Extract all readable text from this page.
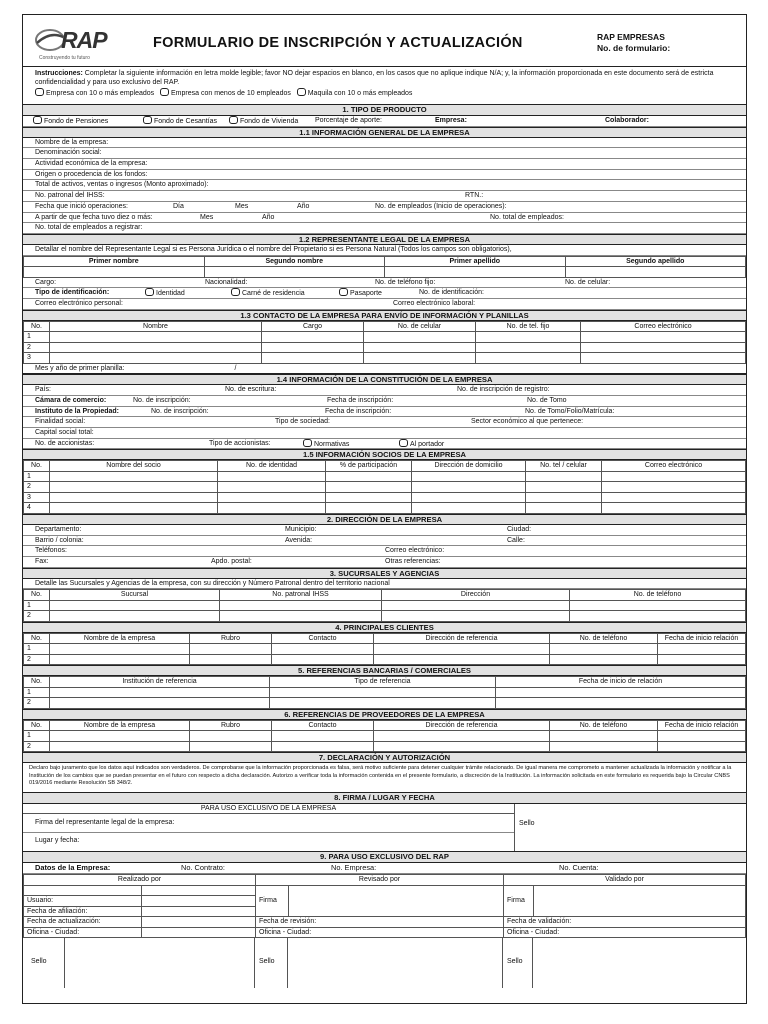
RAP
Construyendo tu futuro
FORMULARIO DE INSCRIPCIÓN Y ACTUALIZACIÓN	RAP EMPRESAS
No. de formulario:
Instrucciones: Completar la siguiente información en letra molde legible; favor NO dejar espacios en blanco, en los casos que no aplique indique N/A; y, la información proporcionada en este documento será de estricta confidencialidad y para uso exclusivo del RAP.
Empresa con 10 o más empleados Empresa con menos de 10 empleados Maquila con 10 o más empleados
1. TIPO DE PRODUCTO
Fondo de Pensiones	Fondo de Cesantías	Fondo de Vivienda	Porcentaje de aporte:	Empresa:	Colaborador:
1.1 INFORMACIÓN GENERAL DE LA EMPRESA
Nombre de la empresa:
Denominación social:
Actividad económica de la empresa:
Origen o procedencia de los fondos:
Total de activos, ventas o ingresos (Monto aproximado):
No. patronal del IHSS:	RTN.:
Fecha que inició operaciones:	Día	Mes	Año	No. de empleados (Inicio de operaciones):
A partir de que fecha tuvo diez o más:	Mes	Año	No. total de empleados:
No. total de empleados a registrar:
1.2 REPRESENTANTE LEGAL DE LA EMPRESA
Detallar el nombre del Representante Legal si es Persona Jurídica o el nombre del Propietario si es Persona Natural (Todos los campos son obligatorios),
Primer nombre	Segundo nombre	Primer apellido	Segundo apellido

Cargo:	Nacionalidad:	No. de teléfono fijo:	No. de celular:
Tipo de identificación:	Identidad	Carné de residencia	Pasaporte	No. de identificación:
Correo electrónico personal:	Correo electrónico laboral:
1.3 CONTACTO DE LA EMPRESA PARA ENVÍO DE INFORMACIÓN Y PLANILLAS
No.	Nombre	Cargo	No. de celular	No. de tel. fijo	Correo electrónico
1					
2					
3					
Mes y año de primer planilla:	/
1.4 INFORMACIÓN DE LA CONSTITUCIÓN DE LA EMPRESA
País:	No. de escritura:	No. de inscripción de registro:
Cámara de comercio:	No. de inscripción:	Fecha de inscripción:	No. de Tomo
Instituto de la Propiedad:	No. de inscripción:	Fecha de inscripción:	No. de Tomo/Folio/Matrícula:
Finalidad social:	Tipo de sociedad:	Sector económico al que pertenece:
Capital social total:
No. de accionistas:	Tipo de accionistas:	Normativas	Al portador
1.5 INFORMACIÓN SOCIOS DE LA EMPRESA
No.	Nombre del socio	No. de identidad	% de participación	Dirección de domicilio	No. tel / celular	Correo electrónico
1						
2						
3						
4						
2. DIRECCIÓN DE LA EMPRESA
Departamento:	Municipio:	Ciudad:
Barrio / colonia:	Avenida:	Calle:
Teléfonos:	Correo electrónico:
Fax:	Apdo. postal:	Otras referencias:
3. SUCURSALES Y AGENCIAS
Detalle las Sucursales y Agencias de la empresa, con su dirección y Número Patronal dentro del territorio nacional
No.	Sucursal	No. patronal IHSS	Dirección	No. de teléfono
1				
2				
4. PRINCIPALES CLIENTES
No.	Nombre de la empresa	Rubro	Contacto	Dirección de referencia	No. de teléfono	Fecha de inicio relación
1						
2						
5. REFERENCIAS BANCARIAS / COMERCIALES
No.	Institución de referencia	Tipo de referencia	Fecha de inicio de relación
1			
2			
6. REFERENCIAS DE PROVEEDORES DE LA EMPRESA
No.	Nombre de la empresa	Rubro	Contacto	Dirección de referencia	No. de teléfono	Fecha de inicio relación
1						
2						
7. DECLARACIÓN Y AUTORIZACIÓN
Declaro bajo juramento que los datos aquí indicados son verdaderos. De comprobarse que la información proporcionada es falsa, será motivo suficiente para detener cualquier trámite relacionado. De igual manera me comprometo a mantener actualizada la información y notificar a la Institución de los cambios que se puedan presentar en el futuro con respecto a dicha declaración. Autorizo a verificar toda la información contenida en el presente formulario, a discreción de la Institución. La información solicitada en este formulario es requerida bajo la Circular CNBS 019/2016 mediante Resolución SB 348/2.
8. FIRMA / LUGAR Y FECHA
PARA USO EXCLUSIVO DE LA EMPRESA
Firma del representante legal de la empresa:
Lugar y fecha:
Sello
9. PARA USO EXCLUSIVO DEL RAP
Datos de la Empresa:	No. Contrato:	No. Empresa:	No. Cuenta:
Realizado por		Revisado por		Validado por	
		Firma		Firma	
Usuario:					
Fecha de afiliación:					
Fecha de actualización:		Fecha de revisión:		Fecha de validación:	
Oficina - Ciudad:		Oficina - Ciudad:		Oficina - Ciudad:	
Sello	Sello	Sello
